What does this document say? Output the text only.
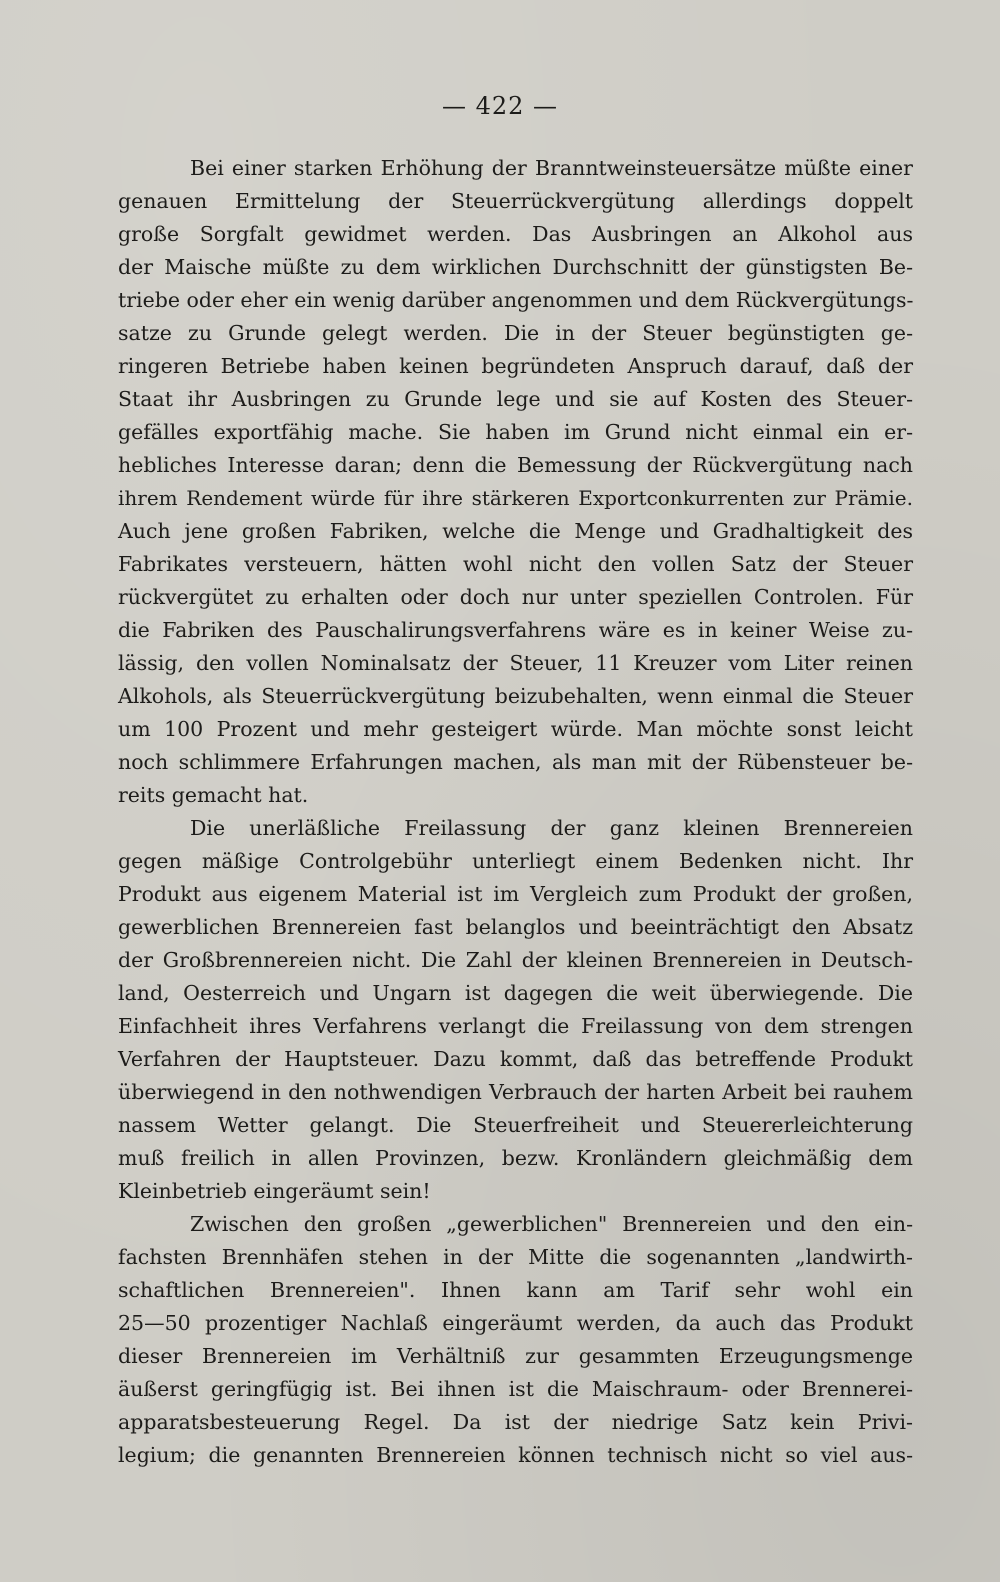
— 422 —
Bei einer starken Erhöhung der Branntweinsteuersätze müßte einer
genauen Ermittelung der Steuerrückvergütung allerdings doppelt
große Sorgfalt gewidmet werden. Das Ausbringen an Alkohol aus
der Maische müßte zu dem wirklichen Durchschnitt der günstigsten Be-
triebe oder eher ein wenig darüber angenommen und dem Rückvergütungs-
satze zu Grunde gelegt werden. Die in der Steuer begünstigten ge-
ringeren Betriebe haben keinen begründeten Anspruch darauf, daß der
Staat ihr Ausbringen zu Grunde lege und sie auf Kosten des Steuer-
gefälles exportfähig mache. Sie haben im Grund nicht einmal ein er-
hebliches Interesse daran; denn die Bemessung der Rückvergütung nach
ihrem Rendement würde für ihre stärkeren Exportconkurrenten zur Prämie.
Auch jene großen Fabriken, welche die Menge und Gradhaltigkeit des
Fabrikates versteuern, hätten wohl nicht den vollen Satz der Steuer
rückvergütet zu erhalten oder doch nur unter speziellen Controlen. Für
die Fabriken des Pauschalirungsverfahrens wäre es in keiner Weise zu-
lässig, den vollen Nominalsatz der Steuer, 11 Kreuzer vom Liter reinen
Alkohols, als Steuerrückvergütung beizubehalten, wenn einmal die Steuer
um 100 Prozent und mehr gesteigert würde. Man möchte sonst leicht
noch schlimmere Erfahrungen machen, als man mit der Rübensteuer be-
reits gemacht hat.
Die unerläßliche Freilassung der ganz kleinen Brennereien
gegen mäßige Controlgebühr unterliegt einem Bedenken nicht. Ihr
Produkt aus eigenem Material ist im Vergleich zum Produkt der großen,
gewerblichen Brennereien fast belanglos und beeinträchtigt den Absatz
der Großbrennereien nicht. Die Zahl der kleinen Brennereien in Deutsch-
land, Oesterreich und Ungarn ist dagegen die weit überwiegende. Die
Einfachheit ihres Verfahrens verlangt die Freilassung von dem strengen
Verfahren der Hauptsteuer. Dazu kommt, daß das betreffende Produkt
überwiegend in den nothwendigen Verbrauch der harten Arbeit bei rauhem
nassem Wetter gelangt. Die Steuerfreiheit und Steuererleichterung
muß freilich in allen Provinzen, bezw. Kronländern gleichmäßig dem
Kleinbetrieb eingeräumt sein!
Zwischen den großen „gewerblichen" Brennereien und den ein-
fachsten Brennhäfen stehen in der Mitte die sogenannten „landwirth-
schaftlichen Brennereien". Ihnen kann am Tarif sehr wohl ein
25—50 prozentiger Nachlaß eingeräumt werden, da auch das Produkt
dieser Brennereien im Verhältniß zur gesammten Erzeugungsmenge
äußerst geringfügig ist. Bei ihnen ist die Maischraum- oder Brennerei-
apparatsbesteuerung Regel. Da ist der niedrige Satz kein Privi-
legium; die genannten Brennereien können technisch nicht so viel aus-
